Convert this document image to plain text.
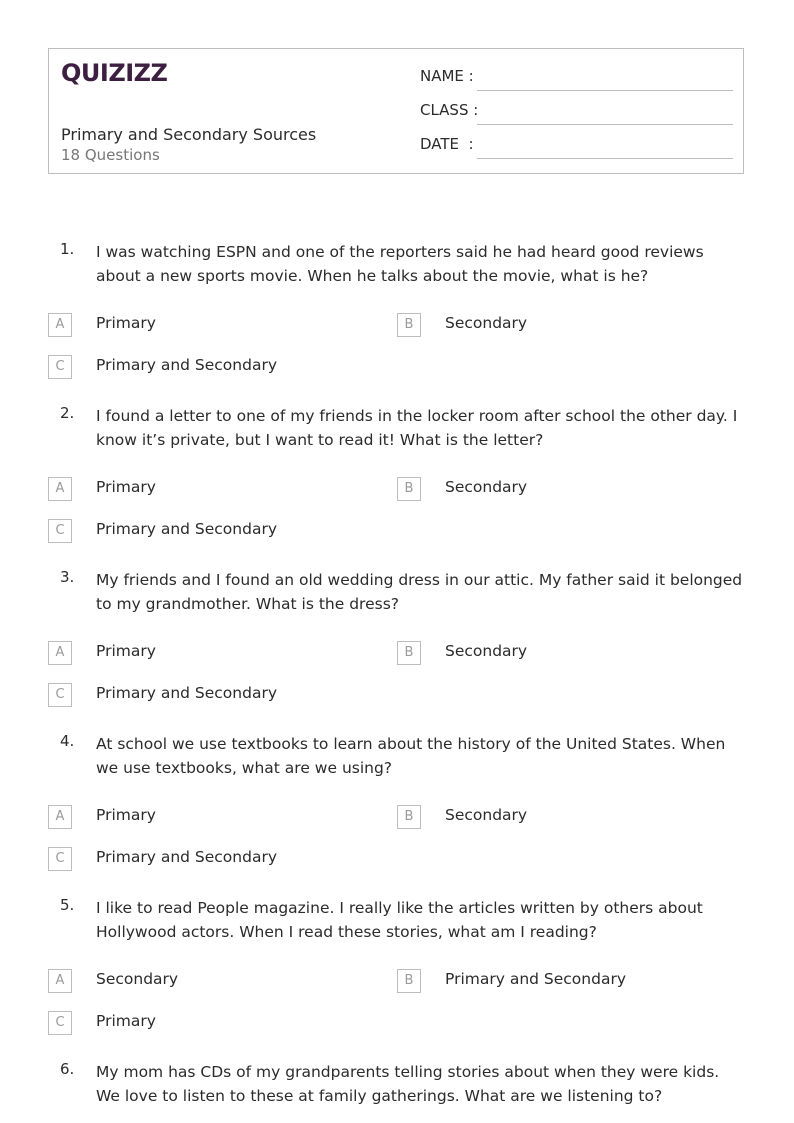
QUIZIZZ
Primary and Secondary Sources
18 Questions
NAME :
CLASS :
DATE  :
1. I was watching ESPN and one of the reporters said he had heard good reviews about a new sports movie. When he talks about the movie, what is he?
A	Primary	B	Secondary
C	Primary and Secondary
2. I found a letter to one of my friends in the locker room after school the other day. I know it’s private, but I want to read it! What is the letter?
A	Primary	B	Secondary
C	Primary and Secondary
3. My friends and I found an old wedding dress in our attic. My father said it belonged to my grandmother. What is the dress?
A	Primary	B	Secondary
C	Primary and Secondary
4. At school we use textbooks to learn about the history of the United States. When we use textbooks, what are we using?
A	Primary	B	Secondary
C	Primary and Secondary
5. I like to read People magazine. I really like the articles written by others about Hollywood actors. When I read these stories, what am I reading?
A	Secondary	B	Primary and Secondary
C	Primary
6. My mom has CDs of my grandparents telling stories about when they were kids. We love to listen to these at family gatherings. What are we listening to?
